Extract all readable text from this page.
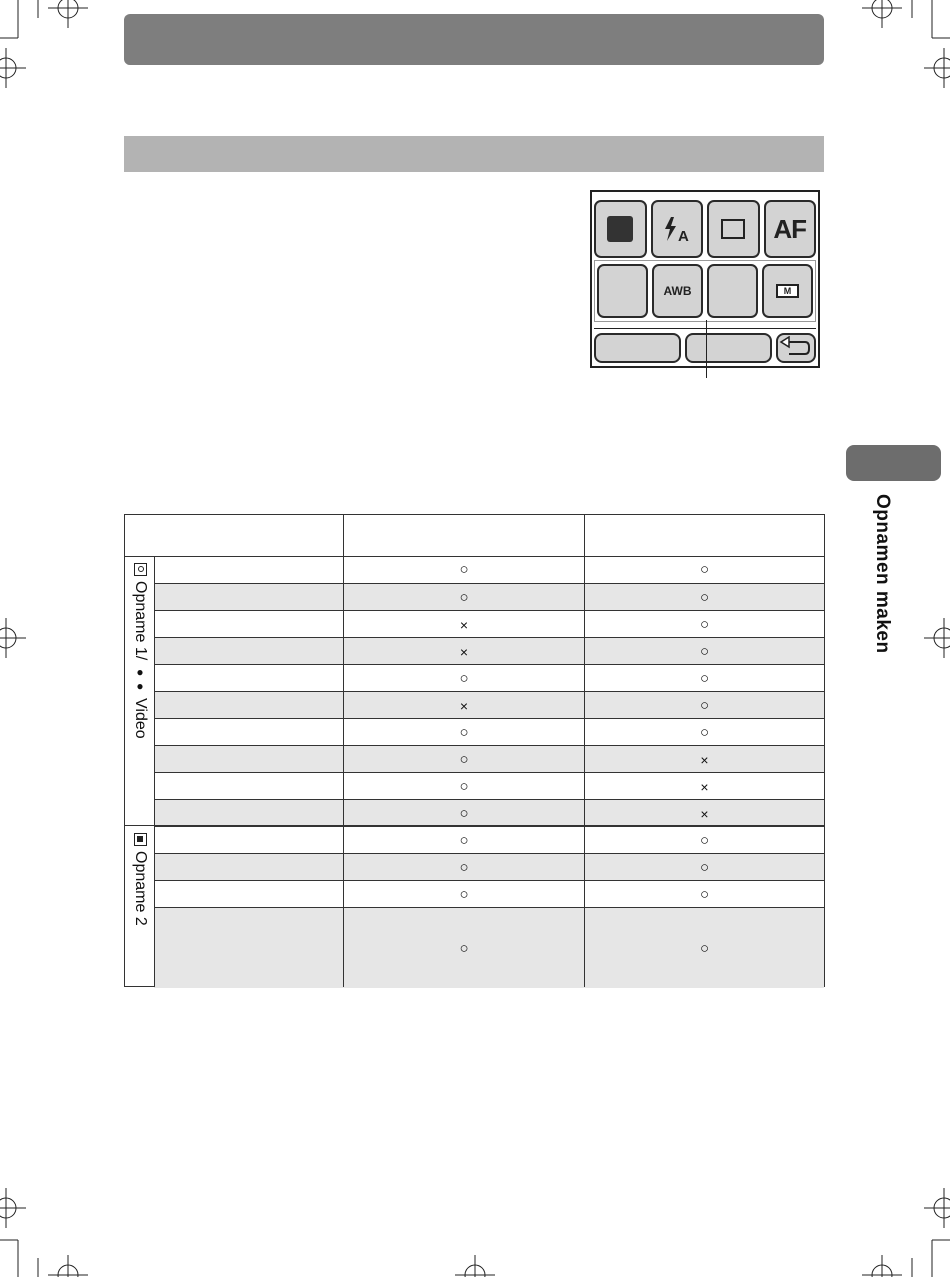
A	AF
AWB	M
Opnamen maken
○	○
○	○
×	○
×	○
○	○
×	○
○	○
○	×
○	×
○	×
○	○
○	○
○	○
○	○
Opname 1/
●●
Video
Opname 2
